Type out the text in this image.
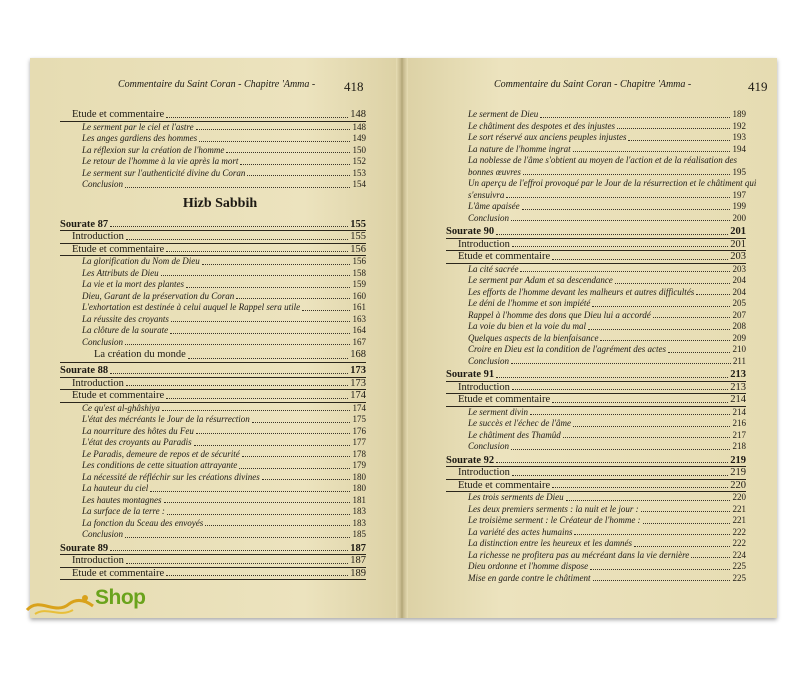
Commentaire du Saint Coran - Chapitre 'Amma - 418
Etude et commentaire	148
Le serment par le ciel et l'astre	148
Les anges gardiens des hommes	149
La réflexion sur la création de l'homme	150
Le retour de l'homme à la vie après la mort	152
Le serment sur l'authenticité divine du Coran	153
Conclusion	154
Hizb Sabbih
Sourate 87	155
Introduction	155
Etude et commentaire	156
La glorification du Nom de Dieu	156
Les Attributs de Dieu	158
La vie et la mort des plantes	159
Dieu, Garant de la préservation du Coran	160
L'exhortation est destinée à celui auquel le Rappel sera utile	161
La réussite des croyants	163
La clôture de la sourate	164
Conclusion	167
La création du monde	168
Sourate 88	173
Introduction	173
Etude et commentaire	174
Ce qu'est al-ghâshiya	174
L'état des mécréants le Jour de la résurrection	175
La nourriture des hôtes du Feu	176
L'état des croyants au Paradis	177
Le Paradis, demeure de repos et de sécurité	178
Les conditions de cette situation attrayante	179
La nécessité de réfléchir sur les créations divines	180
La hauteur du ciel	180
Les hautes montagnes	181
La surface de la terre :	183
La fonction du Sceau des envoyés	183
Conclusion	185
Sourate 89	187
Introduction	187
Etude et commentaire	189
Commentaire du Saint Coran - Chapitre 'Amma -	419
Le serment de Dieu	189
Le châtiment des despotes et des injustes	192
Le sort réservé aux anciens peuples injustes	193
La nature de l'homme ingrat	194
La noblesse de l'âme s'obtient au moyen de l'action et de la réalisation des
bonnes œuvres	195
Un aperçu de l'effroi provoqué par le Jour de la résurrection et le châtiment qui
s'ensuivra	197
L'âme apaisée	199
Conclusion	200
Sourate 90	201
Introduction	201
Etude et commentaire	203
La cité sacrée	203
Le serment par Adam et sa descendance	204
Les efforts de l'homme devant les malheurs et autres difficultés	204
Le déni de l'homme et son impiété	205
Rappel à l'homme des dons que Dieu lui a accordé	207
La voie du bien et la voie du mal	208
Quelques aspects de la bienfaisance	209
Croire en Dieu est la condition de l'agrément des actes	210
Conclusion	211
Sourate 91	213
Introduction	213
Etude et commentaire	214
Le serment divin	214
Le succès et l'échec de l'âme	216
Le châtiment des Thamûd	217
Conclusion	218
Sourate 92	219
Introduction	219
Etude et commentaire	220
Les trois serments de Dieu	220
Les deux premiers serments : la nuit et le jour :	221
Le troisième serment : le Créateur de l'homme :	221
La variété des actes humains	222
La distinction entre les heureux et les damnés	222
La richesse ne profitera pas au mécréant dans la vie dernière	224
Dieu ordonne et l'homme dispose	225
Mise en garde contre le châtiment	225
Shop
